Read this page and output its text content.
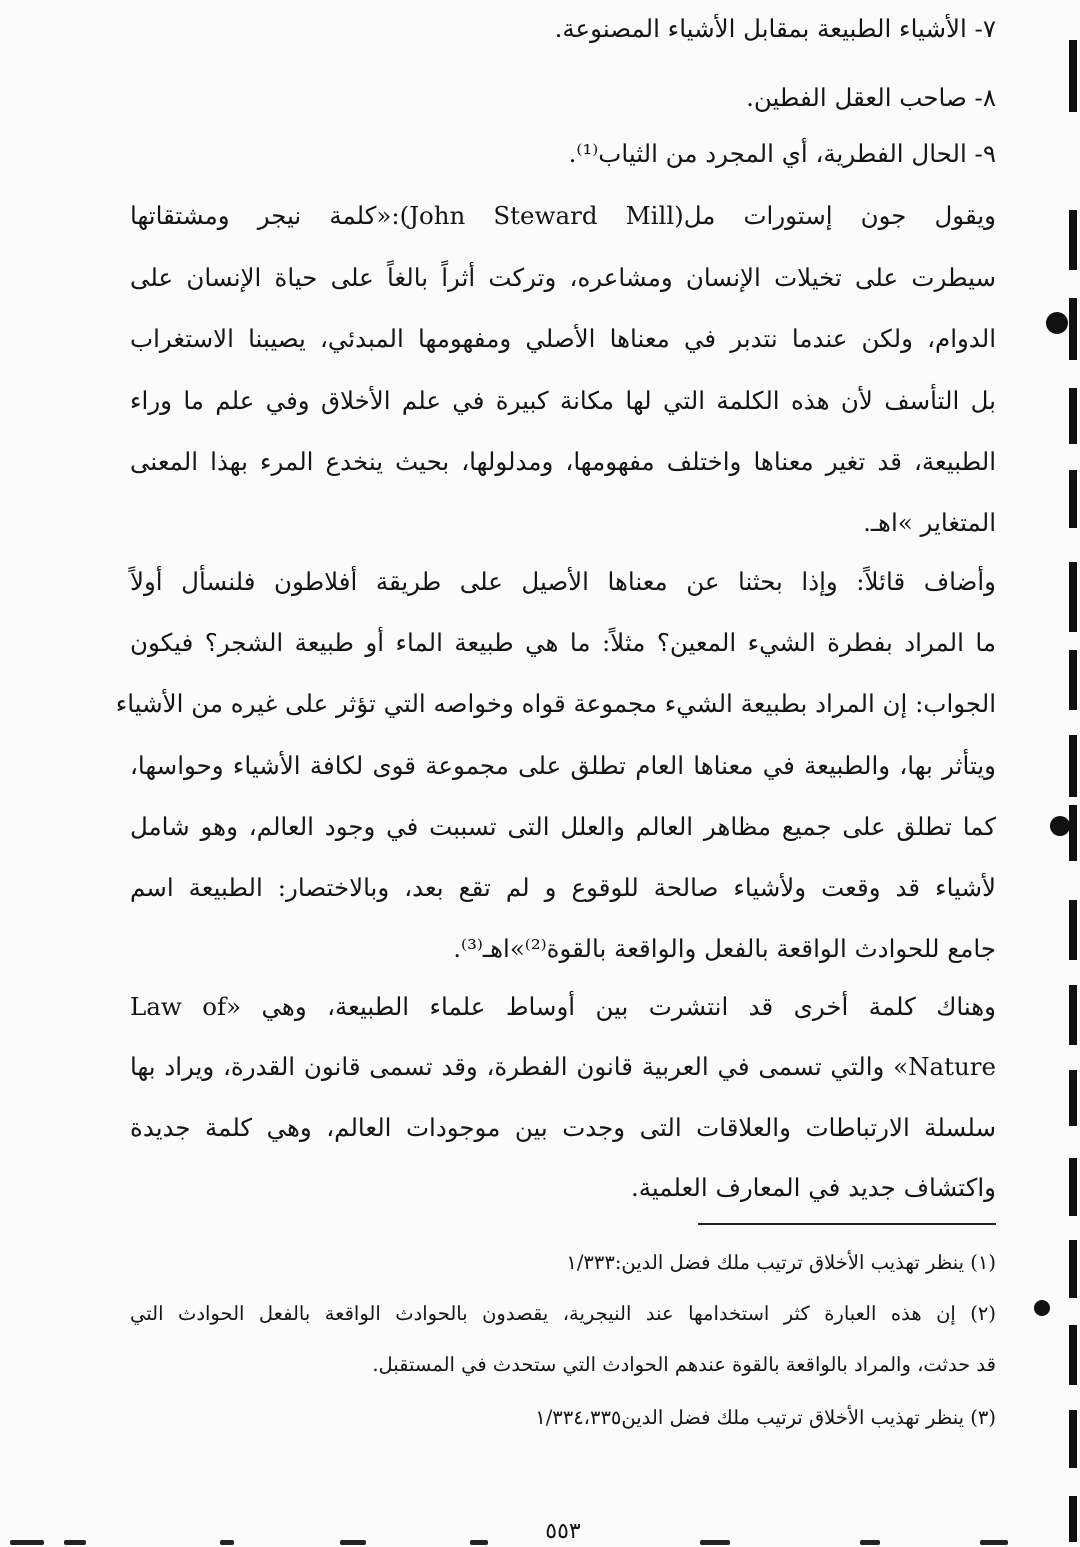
٧- الأشياء الطبيعة بمقابل الأشياء المصنوعة.
٨- صاحب العقل الفطين.
٩- الحال الفطرية، أي المجرد من الثياب⁽¹⁾.
ويقول جون إستورات مل(John Steward Mill):«كلمة نيجر ومشتقاتها
سيطرت على تخيلات الإنسان ومشاعره، وتركت أثراً بالغاً على حياة الإنسان على
الدوام، ولكن عندما نتدبر في معناها الأصلي ومفهومها المبدئي، يصيبنا الاستغراب
بل التأسف لأن هذه الكلمة التي لها مكانة كبيرة في علم الأخلاق وفي علم ما وراء
الطبيعة، قد تغير معناها واختلف مفهومها، ومدلولها، بحيث ينخدع المرء بهذا المعنى
المتغاير »اهـ.
وأضاف قائلاً: وإذا بحثنا عن معناها الأصيل على طريقة أفلاطون فلنسأل أولاً
ما المراد بفطرة الشيء المعين؟ مثلاً: ما هي طبيعة الماء أو طبيعة الشجر؟ فيكون
الجواب: إن المراد بطبيعة الشيء مجموعة قواه وخواصه التي تؤثر على غيره من الأشياء
ويتأثر بها، والطبيعة في معناها العام تطلق على مجموعة قوى لكافة الأشياء وحواسها،
كما تطلق على جميع مظاهر العالم والعلل التى تسببت في وجود العالم، وهو شامل
لأشياء قد وقعت ولأشياء صالحة للوقوع و لم تقع بعد، وبالاختصار: الطبيعة اسم
جامع للحوادث الواقعة بالفعل والواقعة بالقوة⁽²⁾»اهـ⁽³⁾.
وهناك كلمة أخرى قد انتشرت بين أوساط علماء الطبيعة، وهي «Law of
Nature» والتي تسمى في العربية قانون الفطرة، وقد تسمى قانون القدرة، ويراد بها
سلسلة الارتباطات والعلاقات التى وجدت بين موجودات العالم، وهي كلمة جديدة
واكتشاف جديد في المعارف العلمية.
(١) ينظر تهذيب الأخلاق ترتيب ملك فضل الدين:١/٣٣٣
(٢) إن هذه العبارة كثر استخدامها عند النيجرية، يقصدون بالحوادث الواقعة بالفعل الحوادث التي
قد حدثت، والمراد بالواقعة بالقوة عندهم الحوادث التي ستحدث في المستقبل.
(٣) ينظر تهذيب الأخلاق ترتيب ملك فضل الدين١/٣٣٤،٣٣٥
٥٥٣
